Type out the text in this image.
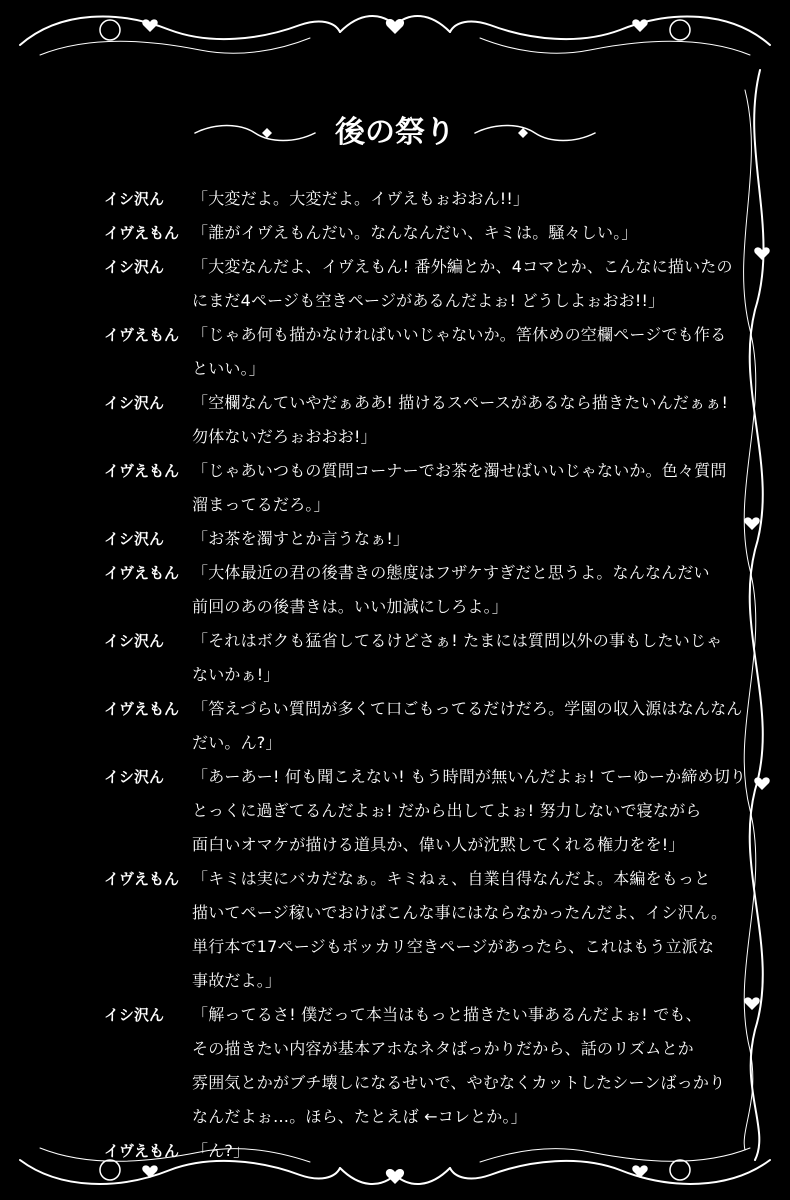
後の祭り
イシ沢ん	「大変だよ。大変だよ。イヴえもぉおおん!!」
イヴえもん 「誰がイヴえもんだい。なんなんだい、キミは。騒々しい。」
イシ沢ん	「大変なんだよ、イヴえもん! 番外編とか、4コマとか、こんなに描いたの
にまだ4ページも空きページがあるんだよぉ! どうしよぉおお!!」
イヴえもん 「じゃあ何も描かなければいいじゃないか。筈休めの空欄ページでも作る
といい。」
イシ沢ん	「空欄なんていやだぁああ! 描けるスペースがあるなら描きたいんだぁぁ!
勿体ないだろぉおおお!」
イヴえもん 「じゃあいつもの質問コーナーでお茶を濁せばいいじゃないか。色々質問
溜まってるだろ。」
イシ沢ん	「お茶を濁すとか言うなぁ!」
イヴえもん 「大体最近の君の後書きの態度はフザケすぎだと思うよ。なんなんだい
前回のあの後書きは。いい加減にしろよ。」
イシ沢ん	「それはボクも猛省してるけどさぁ! たまには質問以外の事もしたいじゃ
ないかぁ!」
イヴえもん 「答えづらい質問が多くて口ごもってるだけだろ。学園の収入源はなんなん
だい。ん?」
イシ沢ん	「あーあー! 何も聞こえない! もう時間が無いんだよぉ! てーゆーか締め切り
とっくに過ぎてるんだよぉ! だから出してよぉ! 努力しないで寝ながら
面白いオマケが描ける道具か、偉い人が沈黙してくれる権力をを!」
イヴえもん 「キミは実にバカだなぁ。キミねぇ、自業自得なんだよ。本編をもっと
描いてページ稼いでおけばこんな事にはならなかったんだよ、イシ沢ん。
単行本で17ページもポッカリ空きページがあったら、これはもう立派な
事故だよ。」
イシ沢ん	「解ってるさ! 僕だって本当はもっと描きたい事あるんだよぉ! でも、
その描きたい内容が基本アホなネタばっかりだから、話のリズムとか
雰囲気とかがブチ壊しになるせいで、やむなくカットしたシーンばっかり
なんだよぉ…。ほら、たとえば ←コレとか。」
イヴえもん 「ん?」
